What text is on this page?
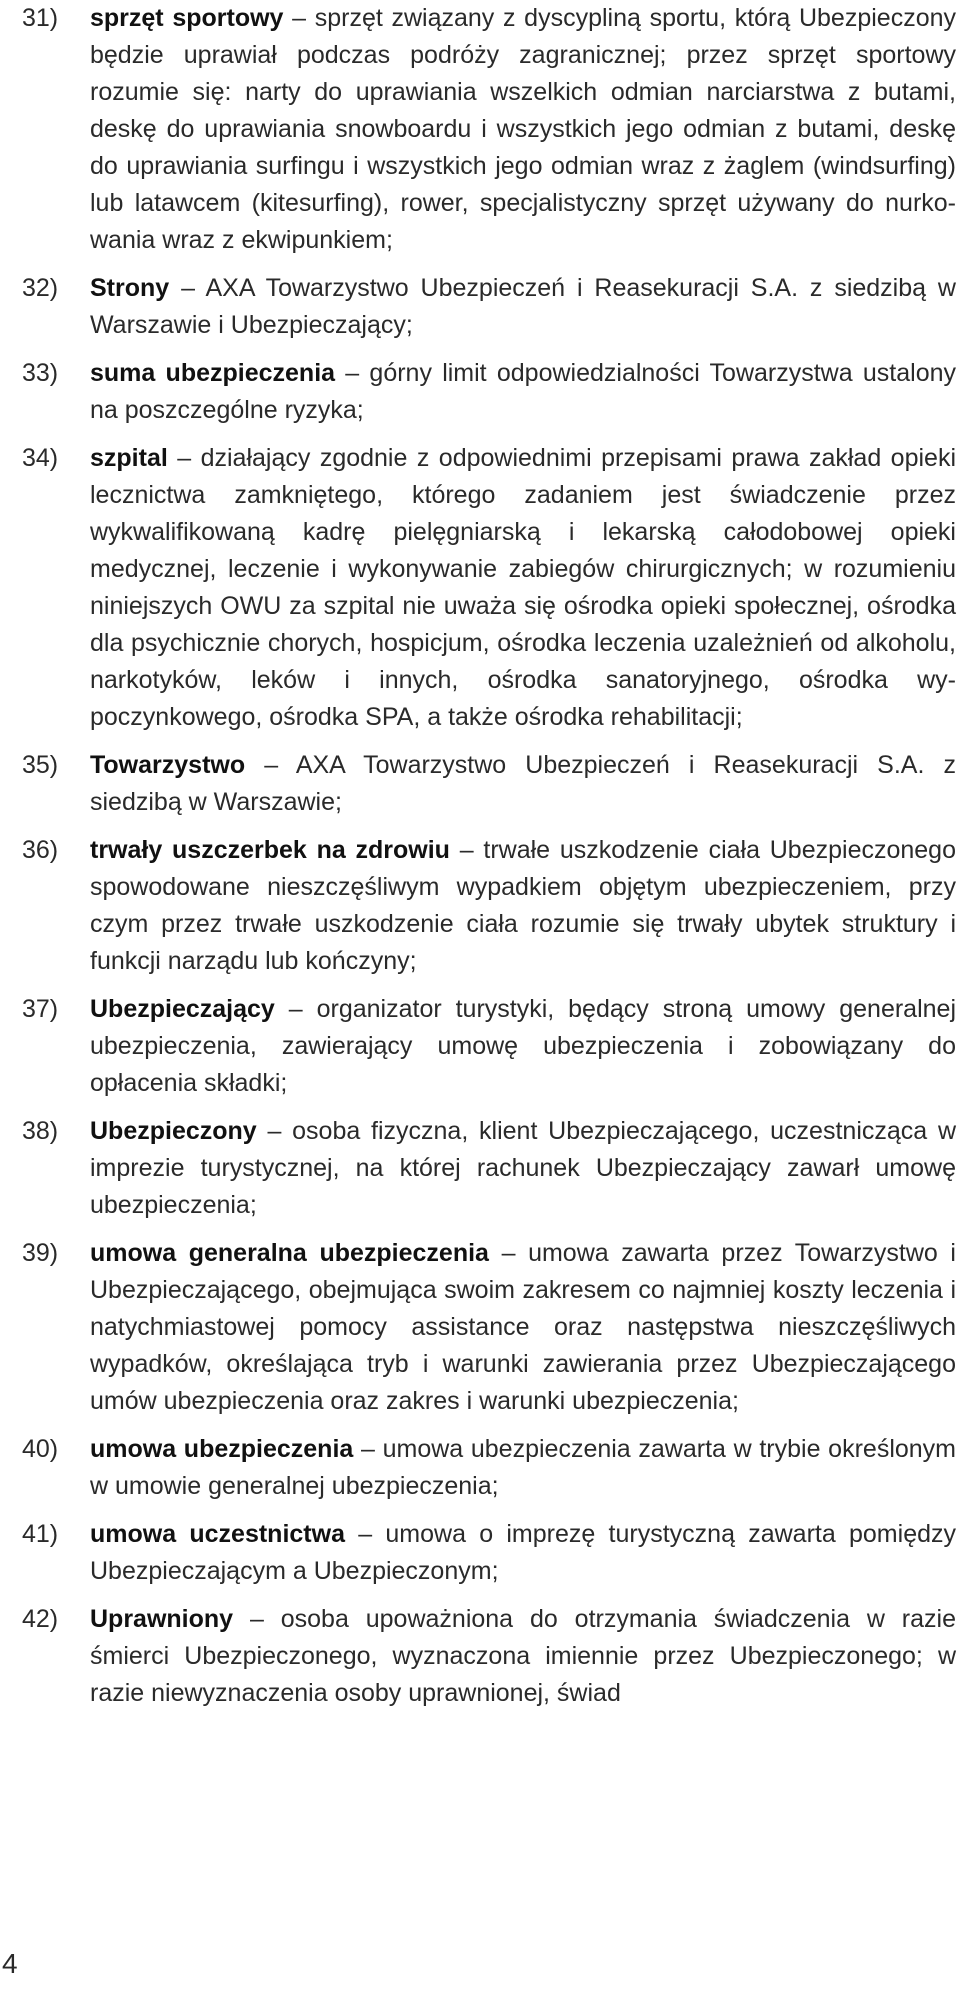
31)	sprzęt sportowy – sprzęt związany z dyscypliną sportu, którą Ubezpieczony będzie uprawiał podczas podróży zagranicznej; przez sprzęt sportowy rozumie się: narty do uprawiania wszelkich odmian narciarstwa z butami, deskę do uprawiania snowboardu i wszystkich jego odmian z butami, deskę do uprawiania surfingu i wszystkich jego odmian wraz z żaglem (windsurfing) lub latawcem (kitesurfing), rower, specjalistyczny sprzęt używany do nurkowania wraz z ekwipunkiem;
32)	Strony – AXA Towarzystwo Ubezpieczeń i Reasekuracji S.A. z siedzibą w Warszawie i Ubezpieczający;
33)	suma ubezpieczenia – górny limit odpowiedzialności Towarzystwa ustalony na poszczególne ryzyka;
34)	szpital – działający zgodnie z odpowiednimi przepisami prawa zakład opieki lecznictwa zamkniętego, którego zadaniem jest świadczenie przez wykwalifikowaną kadrę pielęgniarską i lekarską całodobowej opieki medycznej, leczenie i wykonywanie zabiegów chirurgicznych; w rozumieniu niniejszych OWU za szpital nie uważa się ośrodka opieki społecznej, ośrodka dla psychicznie chorych, hospicjum, ośrodka leczenia uzależnień od alkoholu, narkotyków, leków i innych, ośrodka sanatoryjnego, ośrodka wypoczynkowego, ośrodka SPA, a także ośrodka rehabilitacji;
35)	Towarzystwo – AXA Towarzystwo Ubezpieczeń i Reasekuracji S.A. z siedzibą w Warszawie;
36)	trwały uszczerbek na zdrowiu – trwałe uszkodzenie ciała Ubezpieczonego spowodowane nieszczęśliwym wypadkiem objętym ubezpieczeniem, przy czym przez trwałe uszkodzenie ciała rozumie się trwały ubytek struktury i funkcji narządu lub kończyny;
37)	Ubezpieczający – organizator turystyki, będący stroną umowy generalnej ubezpieczenia, zawierający umowę ubezpieczenia i zobowiązany do opłacenia składki;
38)	Ubezpieczony – osoba fizyczna, klient Ubezpieczającego, uczestnicząca w imprezie turystycznej, na której rachunek Ubezpieczający zawarł umowę ubezpieczenia;
39)	umowa generalna ubezpieczenia – umowa zawarta przez Towarzystwo i Ubezpieczającego, obejmująca swoim zakresem co najmniej koszty leczenia i natychmiastowej pomocy assistance oraz następstwa nieszczęśliwych wypadków, określająca tryb i warunki zawierania przez Ubezpieczającego umów ubezpieczenia oraz zakres i warunki ubezpieczenia;
40)	umowa ubezpieczenia – umowa ubezpieczenia zawarta w trybie określonym w umowie generalnej ubezpieczenia;
41)	umowa uczestnictwa – umowa o imprezę turystyczną zawarta pomiędzy Ubezpieczającym a Ubezpieczonym;
42)	Uprawniony – osoba upoważniona do otrzymania świadczenia w razie śmierci Ubezpieczonego, wyznaczona imiennie przez Ubezpieczonego; w razie niewyznaczenia osoby uprawnionej, świad
4
